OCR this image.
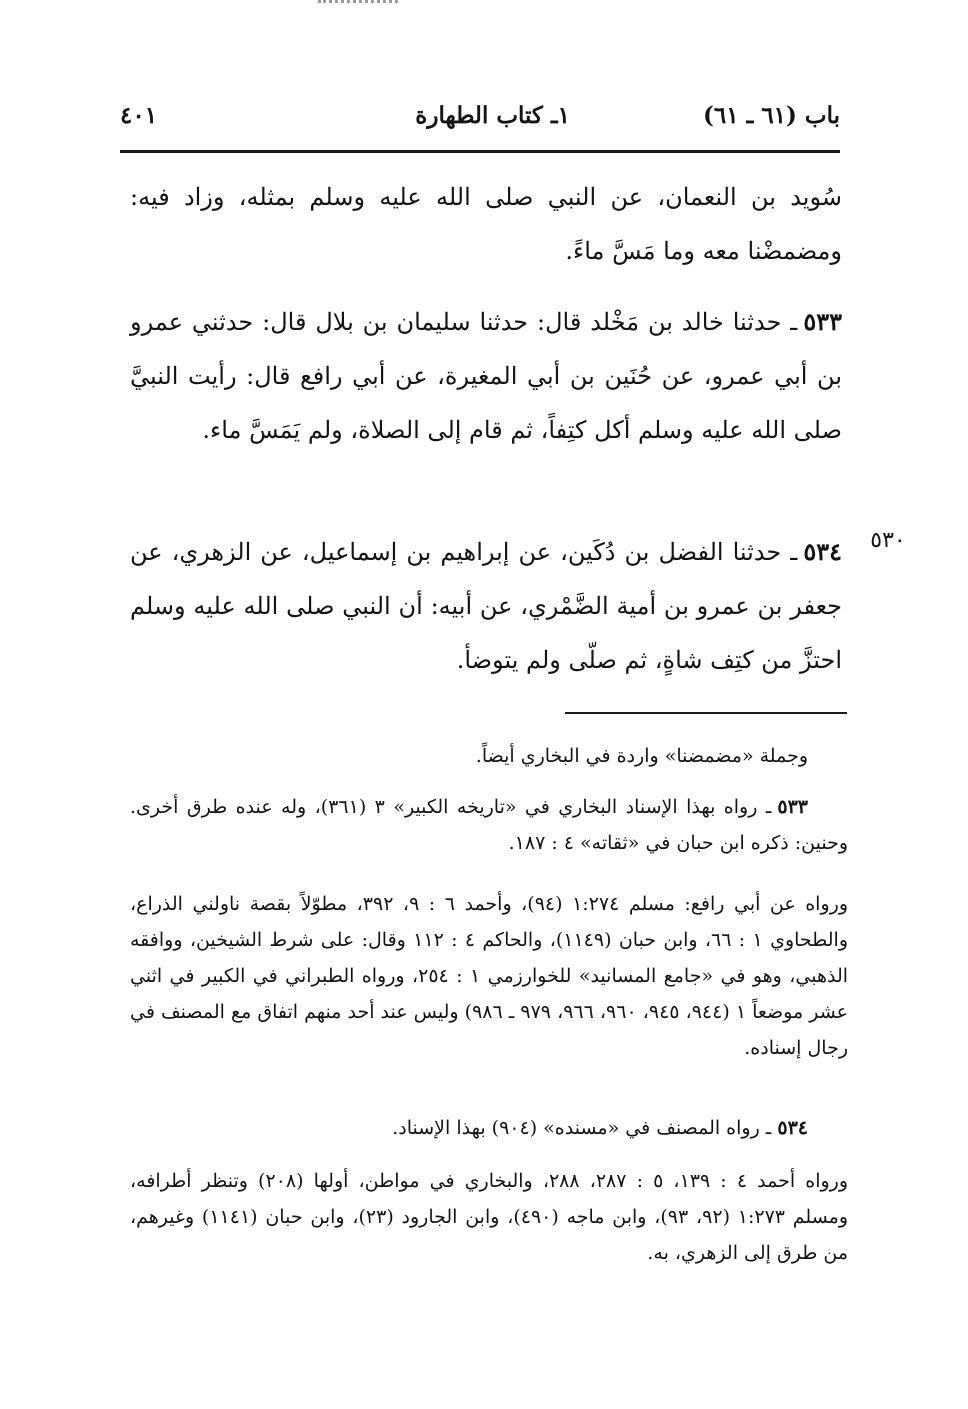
باب (٦١ ـ ٦١)
١ـ كتاب الطهارة
٤٠١
سُويد بن النعمان، عن النبي صلى الله عليه وسلم بمثله، وزاد فيه: ومضمضْنا معه وما مَسَّ ماءً.
٥٣٣ـ حدثنا خالد بن مَخْلد قال: حدثنا سليمان بن بلال قال: حدثني عمرو بن أبي عمرو، عن حُنَين بن أبي المغيرة، عن أبي رافع قال: رأيت النبيَّ صلى الله عليه وسلم أكل كتِفاً، ثم قام إلى الصلاة، ولم يَمَسَّ ماء.
٥٣٠
٥٣٤ـ حدثنا الفضل بن دُكَين، عن إبراهيم بن إسماعيل، عن الزهري، عن جعفر بن عمرو بن أمية الضَّمْري، عن أبيه: أن النبي صلى الله عليه وسلم احتزَّ من كتِف شاةٍ، ثم صلّى ولم يتوضأ.
وجملة «مضمضنا» واردة في البخاري أيضاً.
٥٣٣ـ رواه بهذا الإسناد البخاري في «تاريخه الكبير» ٣ (٣٦١)، وله عنده طرق أخرى. وحنين: ذكره ابن حبان في «ثقاته» ٤ : ١٨٧.
ورواه عن أبي رافع: مسلم ١:٢٧٤ (٩٤)، وأحمد ٦ : ٩، ٣٩٢، مطوّلاً بقصة ناولني الذراع، والطحاوي ١ : ٦٦، وابن حبان (١١٤٩)، والحاكم ٤ : ١١٢ وقال: على شرط الشيخين، ووافقه الذهبي، وهو في «جامع المسانيد» للخوارزمي ١ : ٢٥٤، ورواه الطبراني في الكبير في اثني عشر موضعاً ١ (٩٤٤، ٩٤٥، ٩٦٠، ٩٦٦، ٩٧٩ ـ ٩٨٦) وليس عند أحد منهم اتفاق مع المصنف في رجال إسناده.
٥٣٤ـ رواه المصنف في «مسنده» (٩٠٤) بهذا الإسناد.
ورواه أحمد ٤ : ١٣٩، ٥ : ٢٨٧، ٢٨٨، والبخاري في مواطن، أولها (٢٠٨) وتنظر أطرافه، ومسلم ١:٢٧٣ (٩٢، ٩٣)، وابن ماجه (٤٩٠)، وابن الجارود (٢٣)، وابن حبان (١١٤١) وغيرهم، من طرق إلى الزهري، به.
